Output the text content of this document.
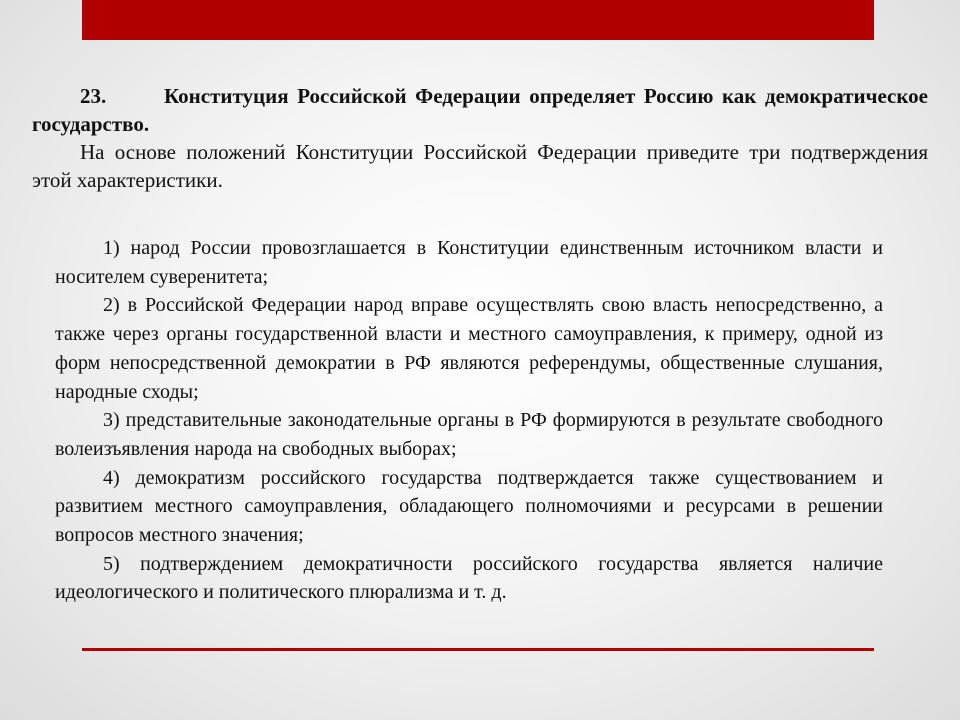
23.	Конституция Российской Федерации определяет Россию как демократическое государство.

На основе положений Конституции Российской Федерации приведите три подтверждения этой характеристики.

1) народ России провозглашается в Конституции единственным источником власти и носителем суверенитета;

2) в Российской Федерации народ вправе осуществлять свою власть непосредственно, а также через органы государственной власти и местного самоуправления, к примеру, одной из форм непосредственной демократии в РФ являются референдумы, общественные слушания, народные сходы;

3) представительные законодательные органы в РФ формируются в результате свободного волеизъявления народа на свободных выборах;

4) демократизм российского государства подтверждается также существованием и развитием местного самоуправления, обладающего полномочиями и ресурсами в решении вопросов местного значения;

5) подтверждением демократичности российского государства является наличие идеологического и политического плюрализма и т. д.
